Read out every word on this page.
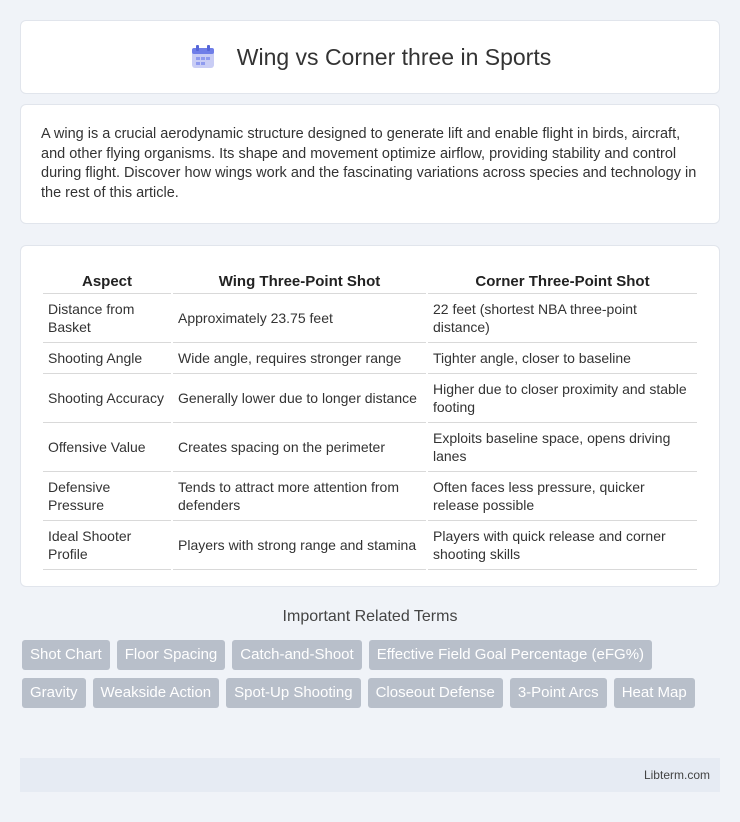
Wing vs Corner three in Sports

A wing is a crucial aerodynamic structure designed to generate lift and enable flight in birds, aircraft, and other flying organisms. Its shape and movement optimize airflow, providing stability and control during flight. Discover how wings work and the fascinating variations across species and technology in the rest of this article.

Aspect	Wing Three-Point Shot	Corner Three-Point Shot
Distance from Basket	Approximately 23.75 feet	22 feet (shortest NBA three-point distance)
Shooting Angle	Wide angle, requires stronger range	Tighter angle, closer to baseline
Shooting Accuracy	Generally lower due to longer distance	Higher due to closer proximity and stable footing
Offensive Value	Creates spacing on the perimeter	Exploits baseline space, opens driving lanes
Defensive Pressure	Tends to attract more attention from defenders	Often faces less pressure, quicker release possible
Ideal Shooter Profile	Players with strong range and stamina	Players with quick release and corner shooting skills
Important Related Terms
Shot Chart	Floor Spacing	Catch-and-Shoot	Effective Field Goal Percentage (eFG%)
Gravity	Weakside Action	Spot-Up Shooting	Closeout Defense	3-Point Arcs	Heat Map
Libterm.com
